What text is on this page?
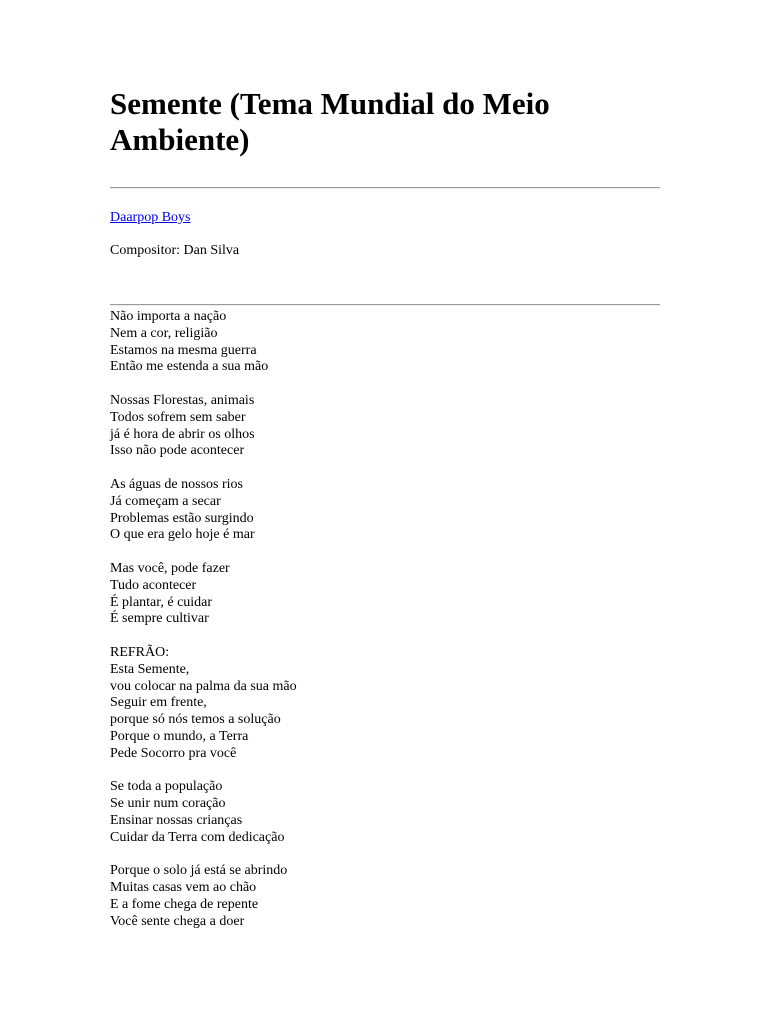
Semente (Tema Mundial do Meio Ambiente)
Daarpop Boys
Compositor: Dan Silva

Não importa a nação
Nem a cor, religião
Estamos na mesma guerra
Então me estenda a sua mão

Nossas Florestas, animais
Todos sofrem sem saber
já é hora de abrir os olhos
Isso não pode acontecer

As águas de nossos rios
Já começam a secar
Problemas estão surgindo
O que era gelo hoje é mar

Mas você, pode fazer
Tudo acontecer
É plantar, é cuidar
É sempre cultivar

REFRÃO:
Esta Semente,
vou colocar na palma da sua mão
Seguir em frente,
porque só nós temos a solução
Porque o mundo, a Terra
Pede Socorro pra você

Se toda a população
Se unir num coração
Ensinar nossas crianças
Cuidar da Terra com dedicação

Porque o solo já está se abrindo
Muitas casas vem ao chão
E a fome chega de repente
Você sente chega a doer
